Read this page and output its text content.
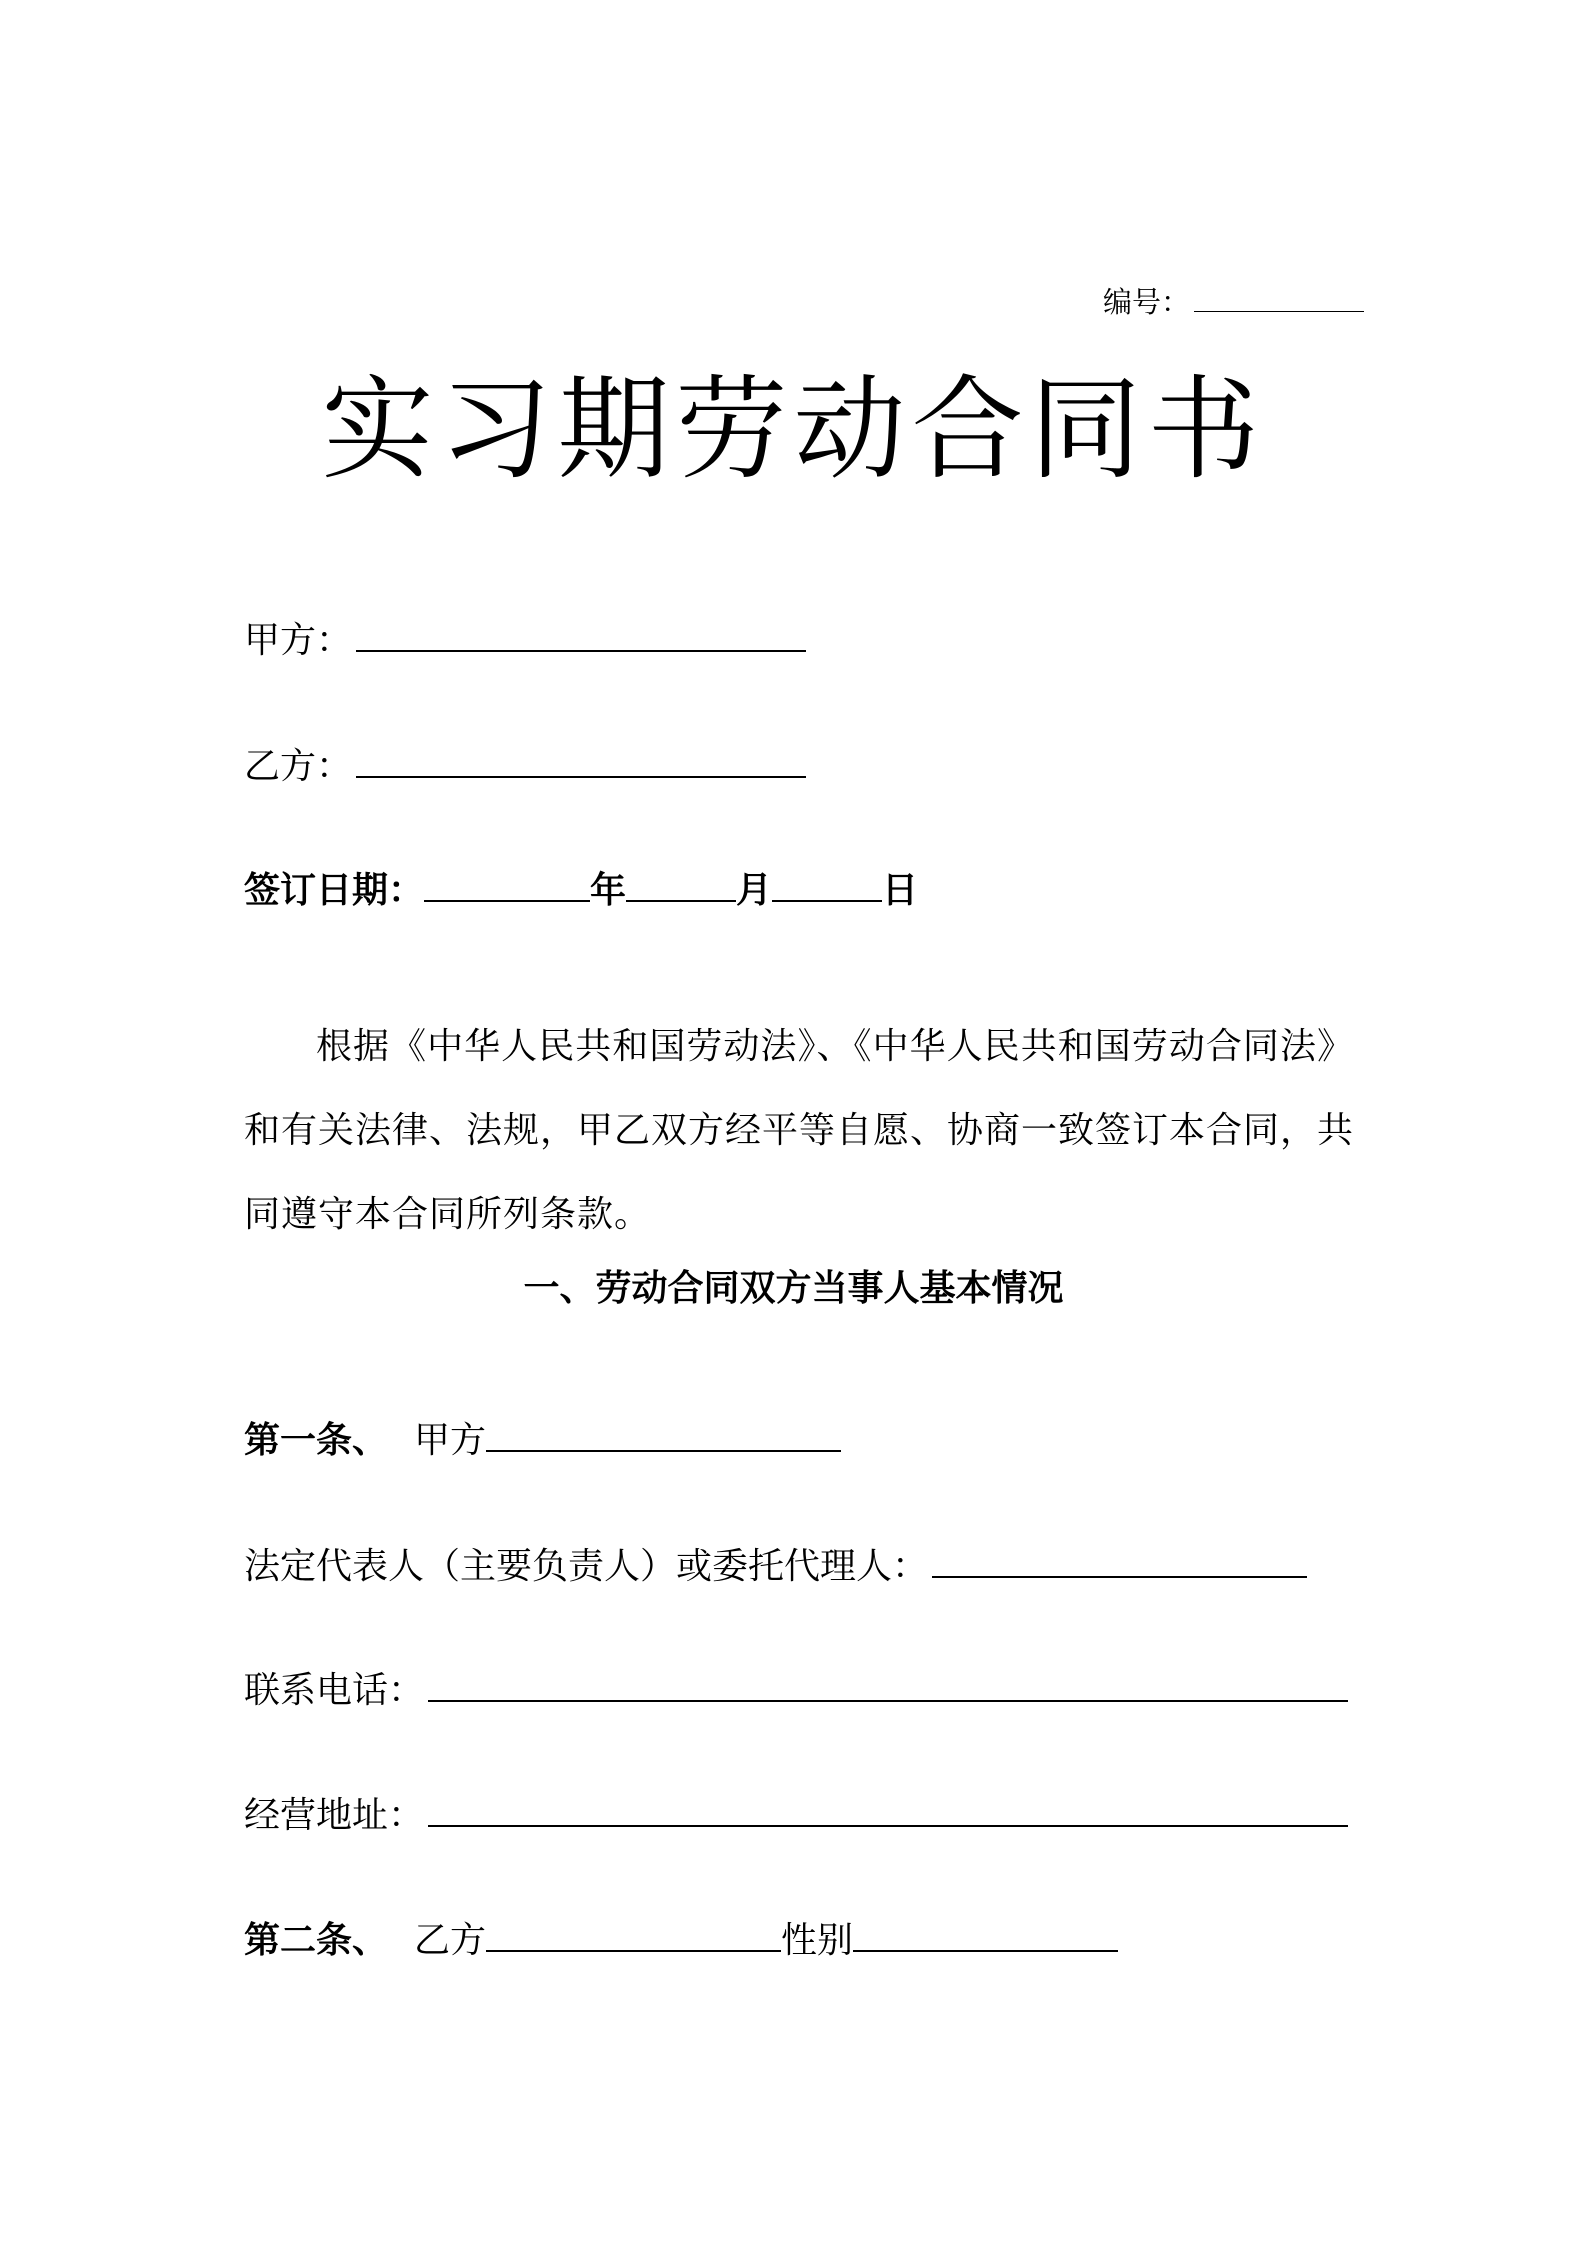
编号：
实习期劳动合同书
甲方：
乙方：
签订日期：	年	月	日
根据《中华人民共和国劳动法》、《中华人民共和国劳动合同法》和有关法律、法规，甲乙双方经平等自愿、协商一致签订本合同，共同遵守本合同所列条款。
一、劳动合同双方当事人基本情况
第一条、 甲方
法定代表人（主要负责人）或委托代理人：
联系电话：
经营地址：
第二条、 乙方	性别
